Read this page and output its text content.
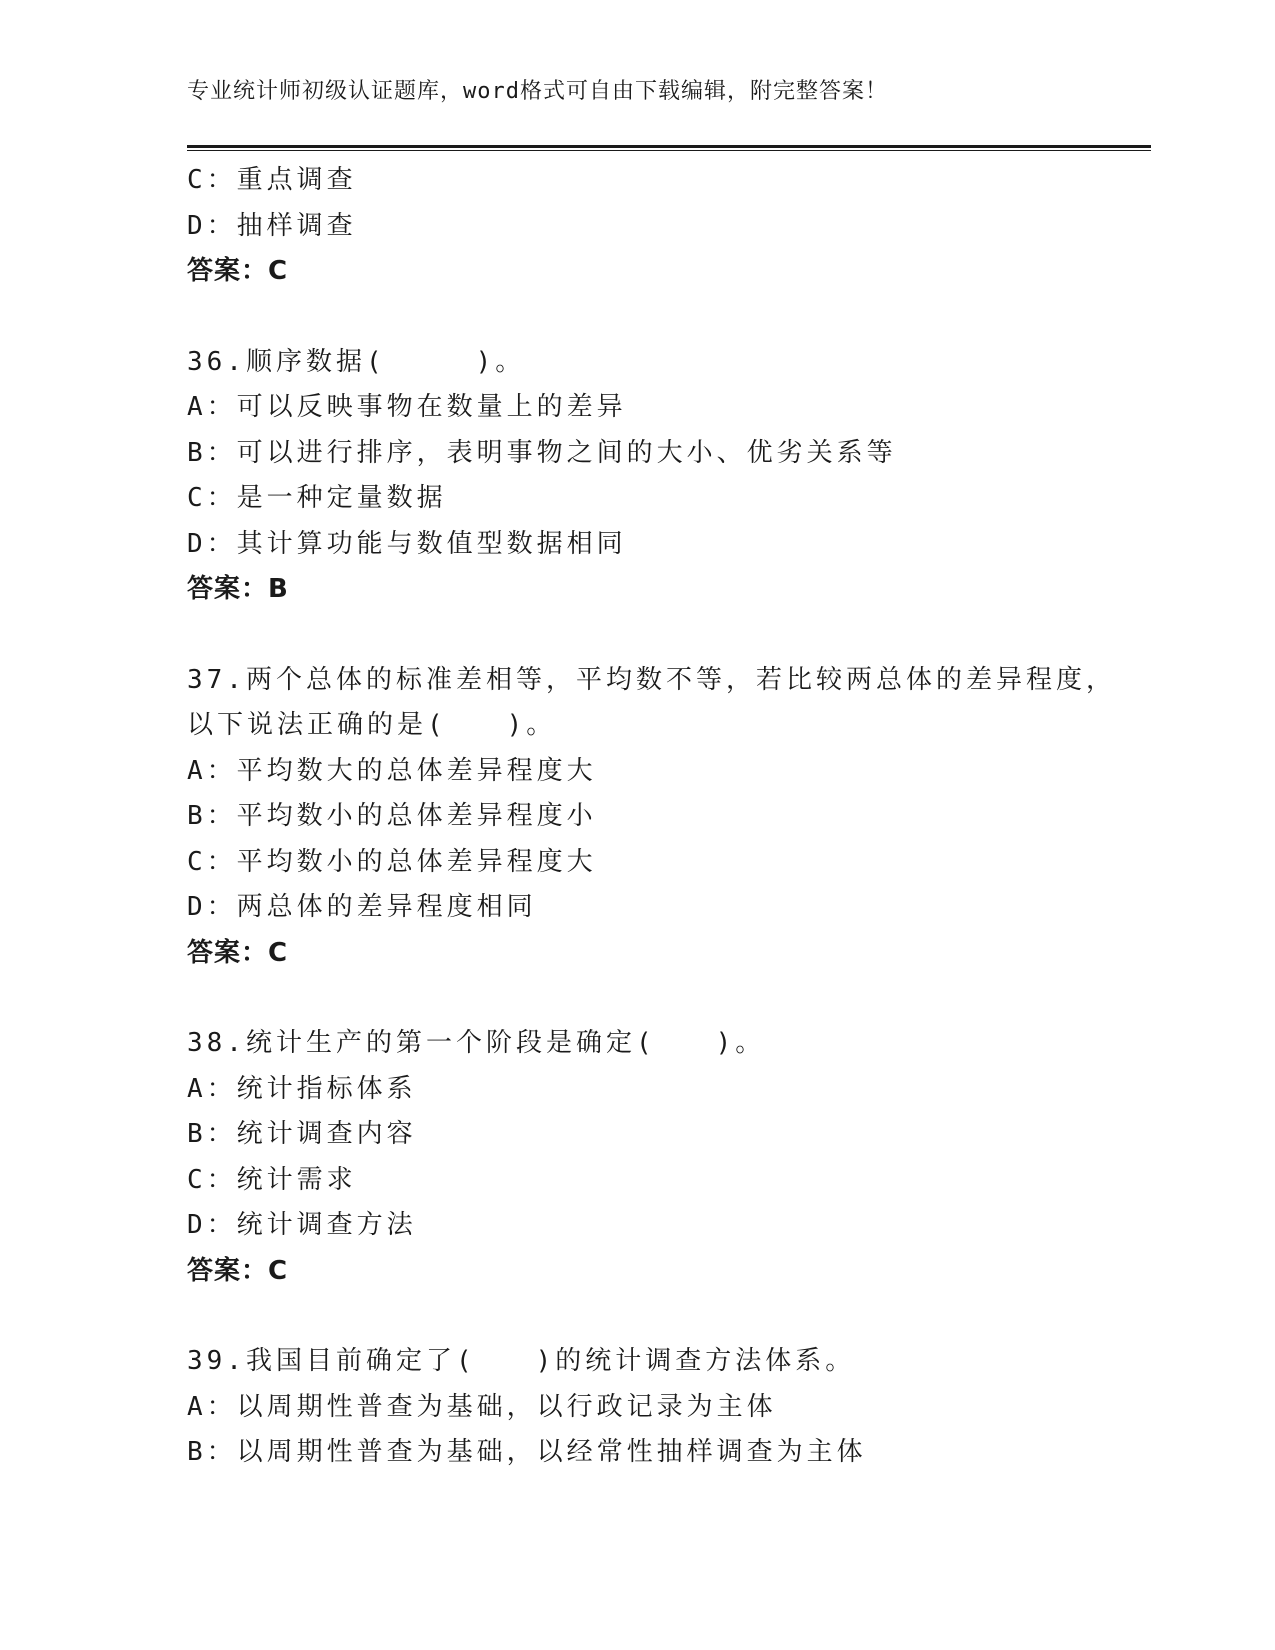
专业统计师初级认证题库，word格式可自由下载编辑，附完整答案！
C：重点调查
D：抽样调查
答案：C
36.顺序数据(　　　)。
A：可以反映事物在数量上的差异
B：可以进行排序，表明事物之间的大小、优劣关系等
C：是一种定量数据
D：其计算功能与数值型数据相同
答案：B
37.两个总体的标准差相等，平均数不等，若比较两总体的差异程度，
以下说法正确的是(　　)。
A：平均数大的总体差异程度大
B：平均数小的总体差异程度小
C：平均数小的总体差异程度大
D：两总体的差异程度相同
答案：C
38.统计生产的第一个阶段是确定(　　)。
A：统计指标体系
B：统计调查内容
C：统计需求
D：统计调查方法
答案：C
39.我国目前确定了(　　)的统计调查方法体系。
A：以周期性普查为基础，以行政记录为主体
B：以周期性普查为基础，以经常性抽样调查为主体
